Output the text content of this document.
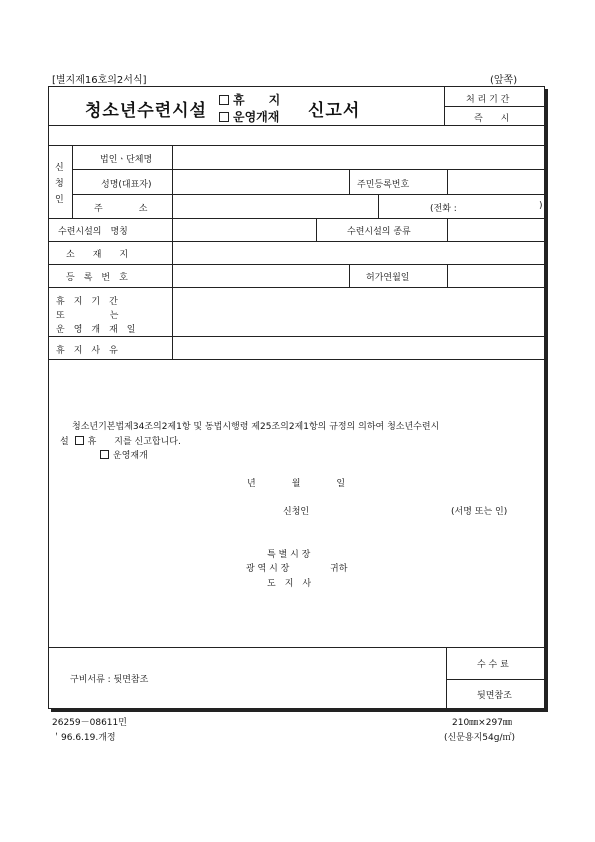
[별지제16호의2서식]	(앞쪽)
청소년수련시설
휴　　지
운영개재 신고서
처 리 기 간
즉　　시
신
청
인
법인ㆍ단체명
성명(대표자)	주민등록번호
주　　　　소	(전화 :	)
수련시설의　명칭	수련시설의 종류
소　　재　　지
등　록　번　호	허가연월일
휴　지　기　간
또　　　　　는
운　영　개　재　일
휴　지　사　유
청소년기본법제34조의2제1항 및 동법시행령 제25조의2제1항의 규정의 의하여 청소년수련시
설 휴　　지를 신고합니다.
운영재개
년　　　　월　　　　일
신청인	(서명 또는 인)
특 별 시 장
광 역 시 장	귀하
도　지　사
구비서류 : 뒷면참조
수 수 료
뒷면참조
26259－08611민
＇96.6.19.개정
210㎜×297㎜
(신문용지54g/㎡)
